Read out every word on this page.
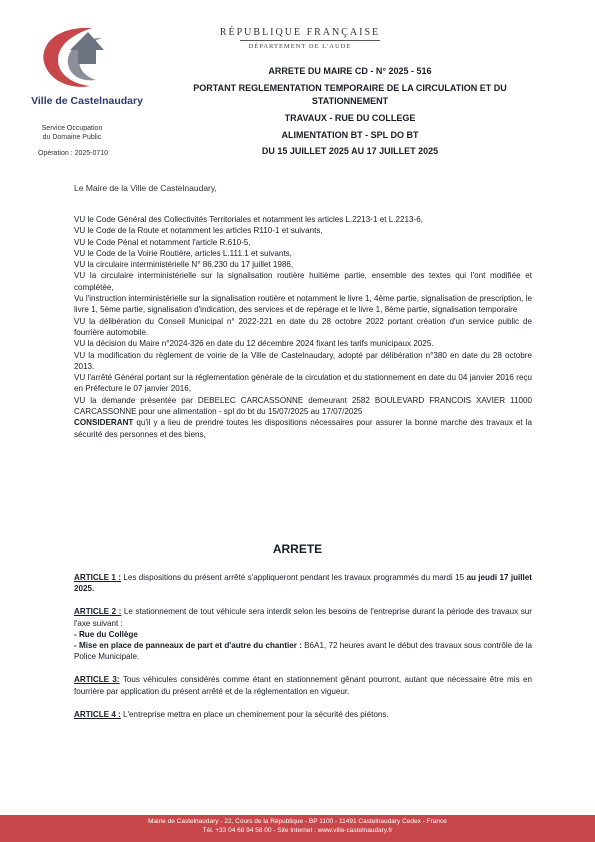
Ville de Castelnaudary
Service Occupation
du Domaine Public
Opération : 2025-0710
RÉPUBLIQUE FRANÇAISE
DÉPARTEMENT DE L'AUDE
ARRETE DU MAIRE CD - N° 2025 - 516
PORTANT REGLEMENTATION TEMPORAIRE DE LA CIRCULATION ET DU
STATIONNEMENT
TRAVAUX - RUE DU COLLEGE
ALIMENTATION BT - SPL DO BT
DU 15 JUILLET 2025 AU 17 JUILLET 2025
Le Maire de la Ville de Castelnaudary,

VU le Code Général des Collectivités Territoriales et notamment les articles L.2213-1 et L.2213-6,

VU le Code de la Route et notamment les articles R110-1 et suivants,

VU le Code Pénal et notamment l'article R.610-5,

VU le Code de la Voirie Routière, articles L.111.1 et suivants,

VU la circulaire interministérielle N° 86.230 du 17 juillet 1986,

VU la circulaire interministérielle sur la signalisation routière huitième partie, ensemble des textes qui l'ont modifiée et complétée,

Vu l'instruction interministérielle sur la signalisation routière et notamment le livre 1, 4ème partie, signalisation de prescription, le livre 1, 5ème partie, signalisation d'indication, des services et de repérage et le livre 1, 8ème partie, signalisation temporaire

VU la délibération du Conseil Municipal n° 2022-221 en date du 28 octobre 2022 portant création d'un service public de fourrière automobile.

VU la décision du Maire n°2024-326 en date du 12 décembre 2024 fixant les tarifs municipaux 2025.

VU la modification du règlement de voirie de la Ville de Castelnaudary, adopté par délibération n°380 en date du 28 octobre 2013.

VU l'arrêté Général portant sur la réglementation générale de la circulation et du stationnement en date du 04 janvier 2016 reçu en Préfecture le 07 janvier 2016,

VU la demande présentée par DEBELEC CARCASSONNE demeurant 2582 BOULEVARD FRANCOIS XAVIER 11000 CARCASSONNE pour une alimentation - spl do bt du 15/07/2025 au 17/07/2025

CONSIDERANT qu'il y a lieu de prendre toutes les dispositions nécessaires pour assurer la bonne marche des travaux et la sécurité des personnes et des biens,

ARRETE

ARTICLE 1 : Les dispositions du présent arrêté s'appliqueront pendant les travaux programmés du mardi 15 au jeudi 17 juillet 2025.

ARTICLE 2 : Le stationnement de tout véhicule sera interdit selon les besoins de l'entreprise durant la période des travaux sur l'axe suivant :
- Rue du Collège
- Mise en place de panneaux de part et d'autre du chantier : B6A1, 72 heures avant le début des travaux sous contrôle de la Police Municipale.

ARTICLE 3: Tous véhicules considérés comme étant en stationnement gênant pourront, autant que nécessaire être mis en fourrière par application du présent arrêté et de la réglementation en vigueur.

ARTICLE 4 : L'entreprise mettra en place un cheminement pour la sécurité des piétons.

Mairie de Castelnaudary - 22, Cours de la République - BP 1100 - 11491 Castelnaudary Cedex - France
Tél. +33 04 68 94 58 00 - Site Internet : www.ville-castelnaudary.fr
